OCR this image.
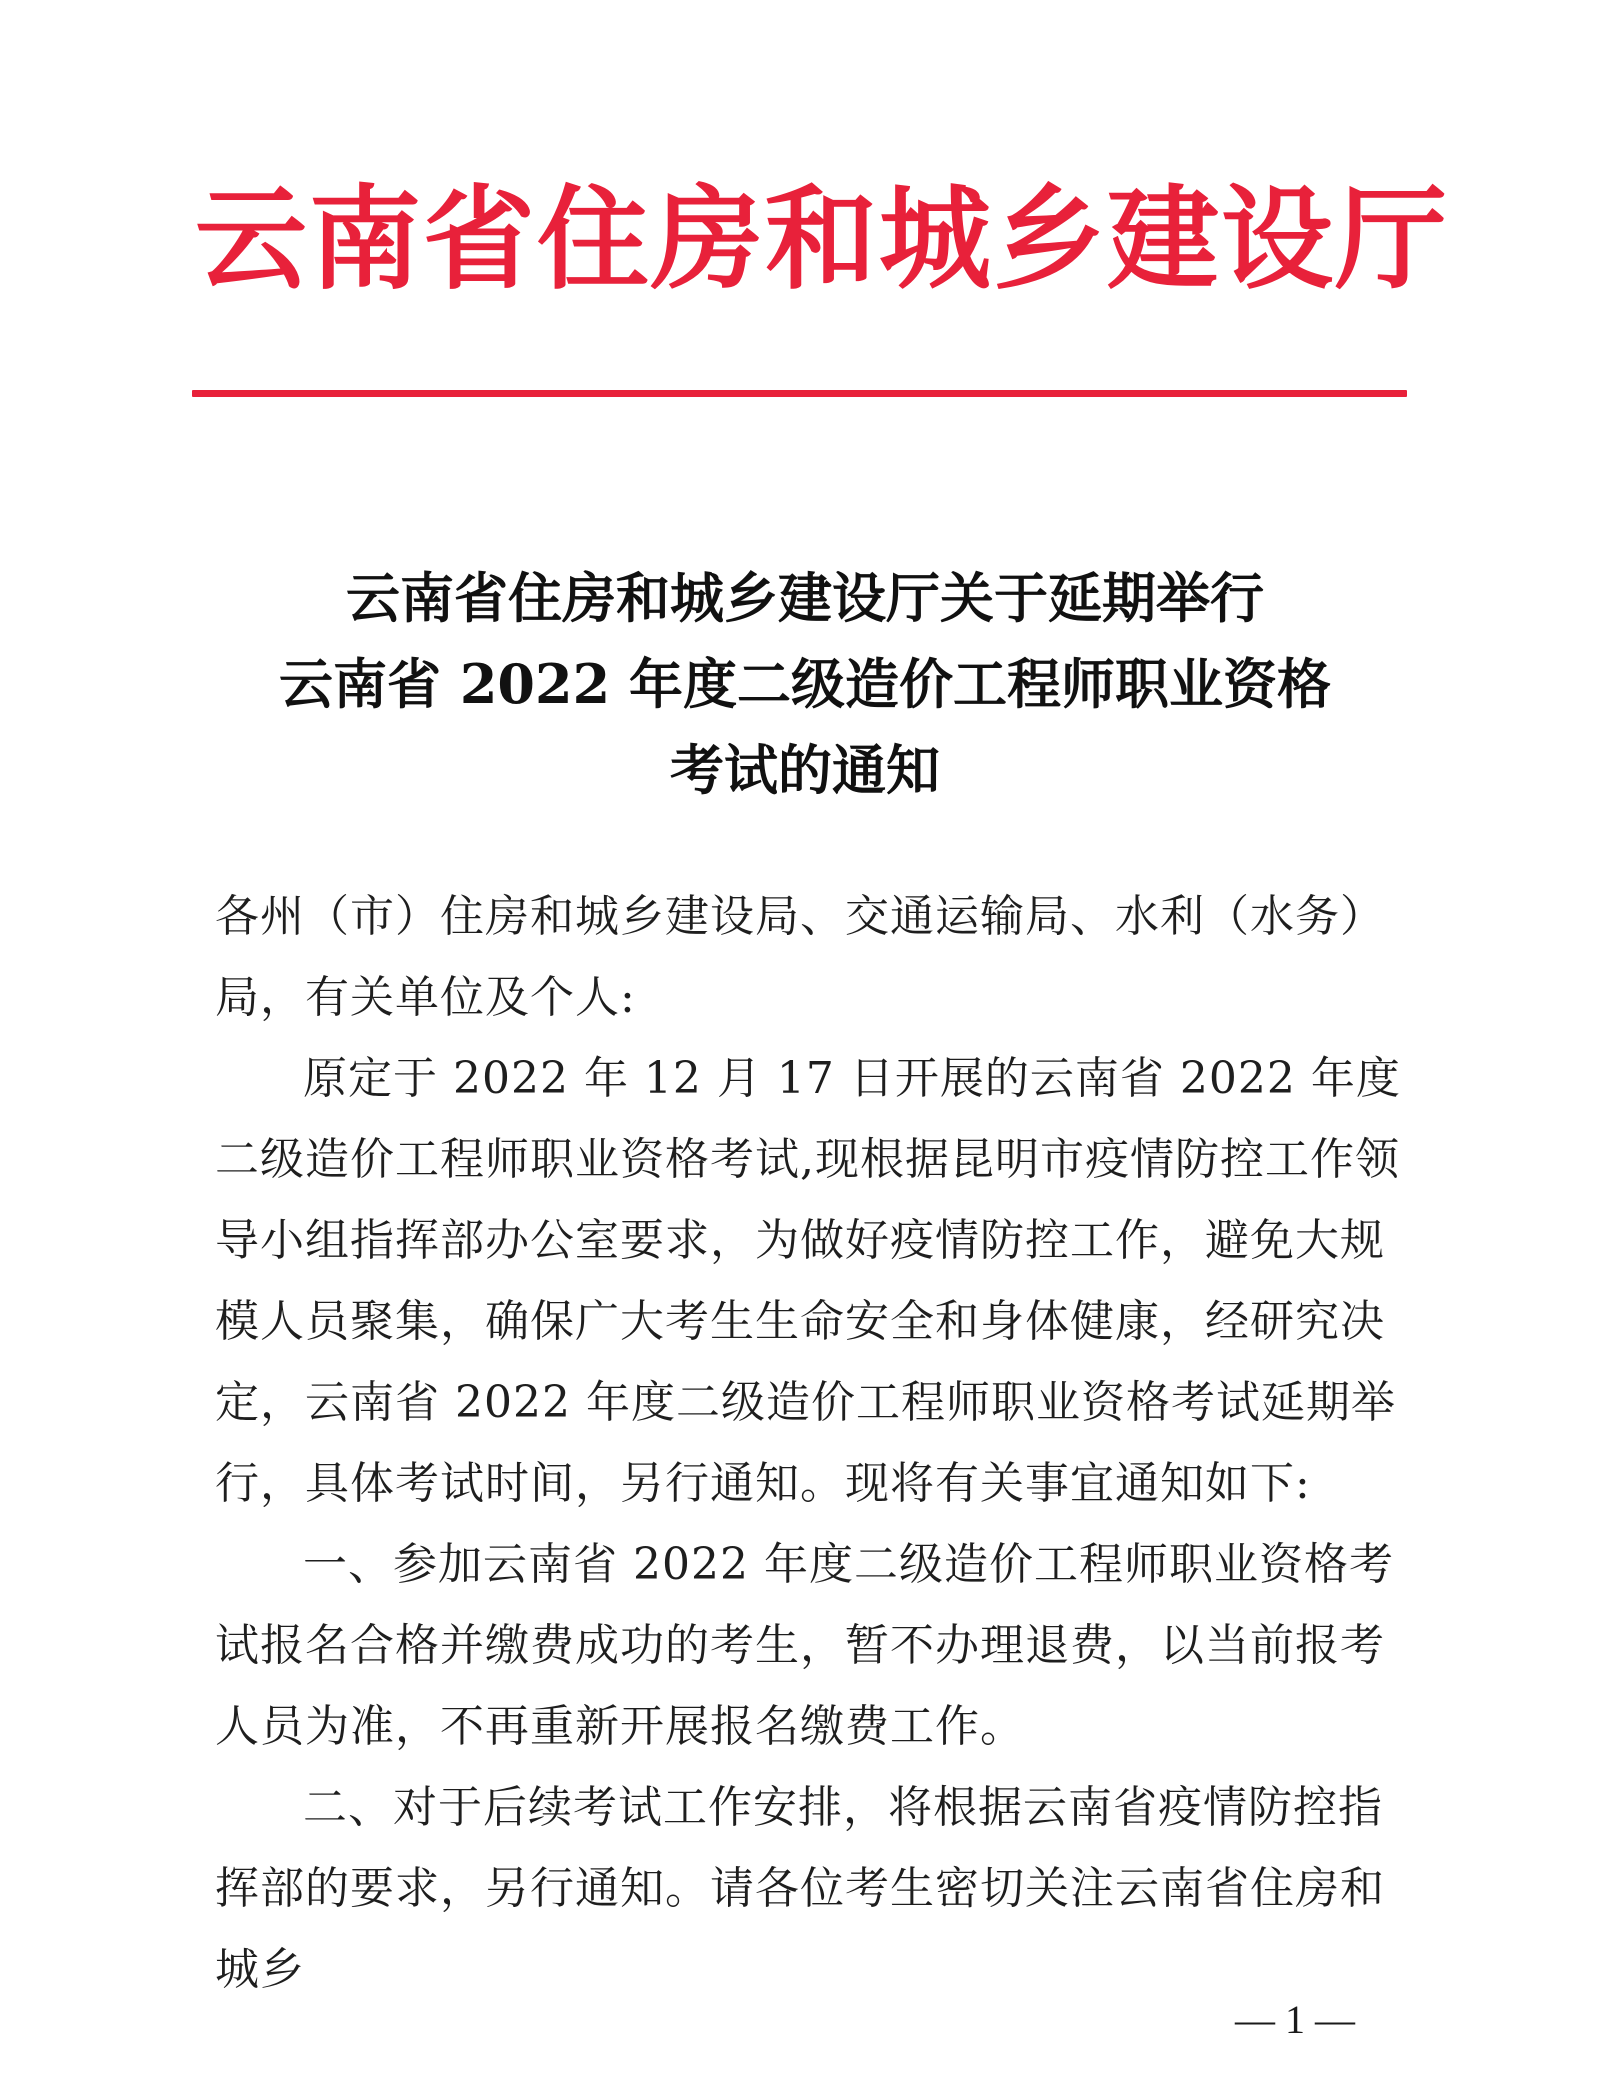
云南省住房和城乡建设厅
云南省住房和城乡建设厅关于延期举行
云南省 2022 年度二级造价工程师职业资格
考试的通知

各州（市）住房和城乡建设局、交通运输局、水利（水务）局，有关单位及个人:

原定于 2022 年 12 月 17 日开展的云南省 2022 年度二级造价工程师职业资格考试,现根据昆明市疫情防控工作领导小组指挥部办公室要求，为做好疫情防控工作，避免大规模人员聚集，确保广大考生生命安全和身体健康，经研究决定，云南省 2022 年度二级造价工程师职业资格考试延期举行，具体考试时间，另行通知。现将有关事宜通知如下:

一、参加云南省 2022 年度二级造价工程师职业资格考试报名合格并缴费成功的考生，暂不办理退费，以当前报考人员为准，不再重新开展报名缴费工作。

二、对于后续考试工作安排，将根据云南省疫情防控指挥部的要求，另行通知。请各位考生密切关注云南省住房和城乡

— 1 —
